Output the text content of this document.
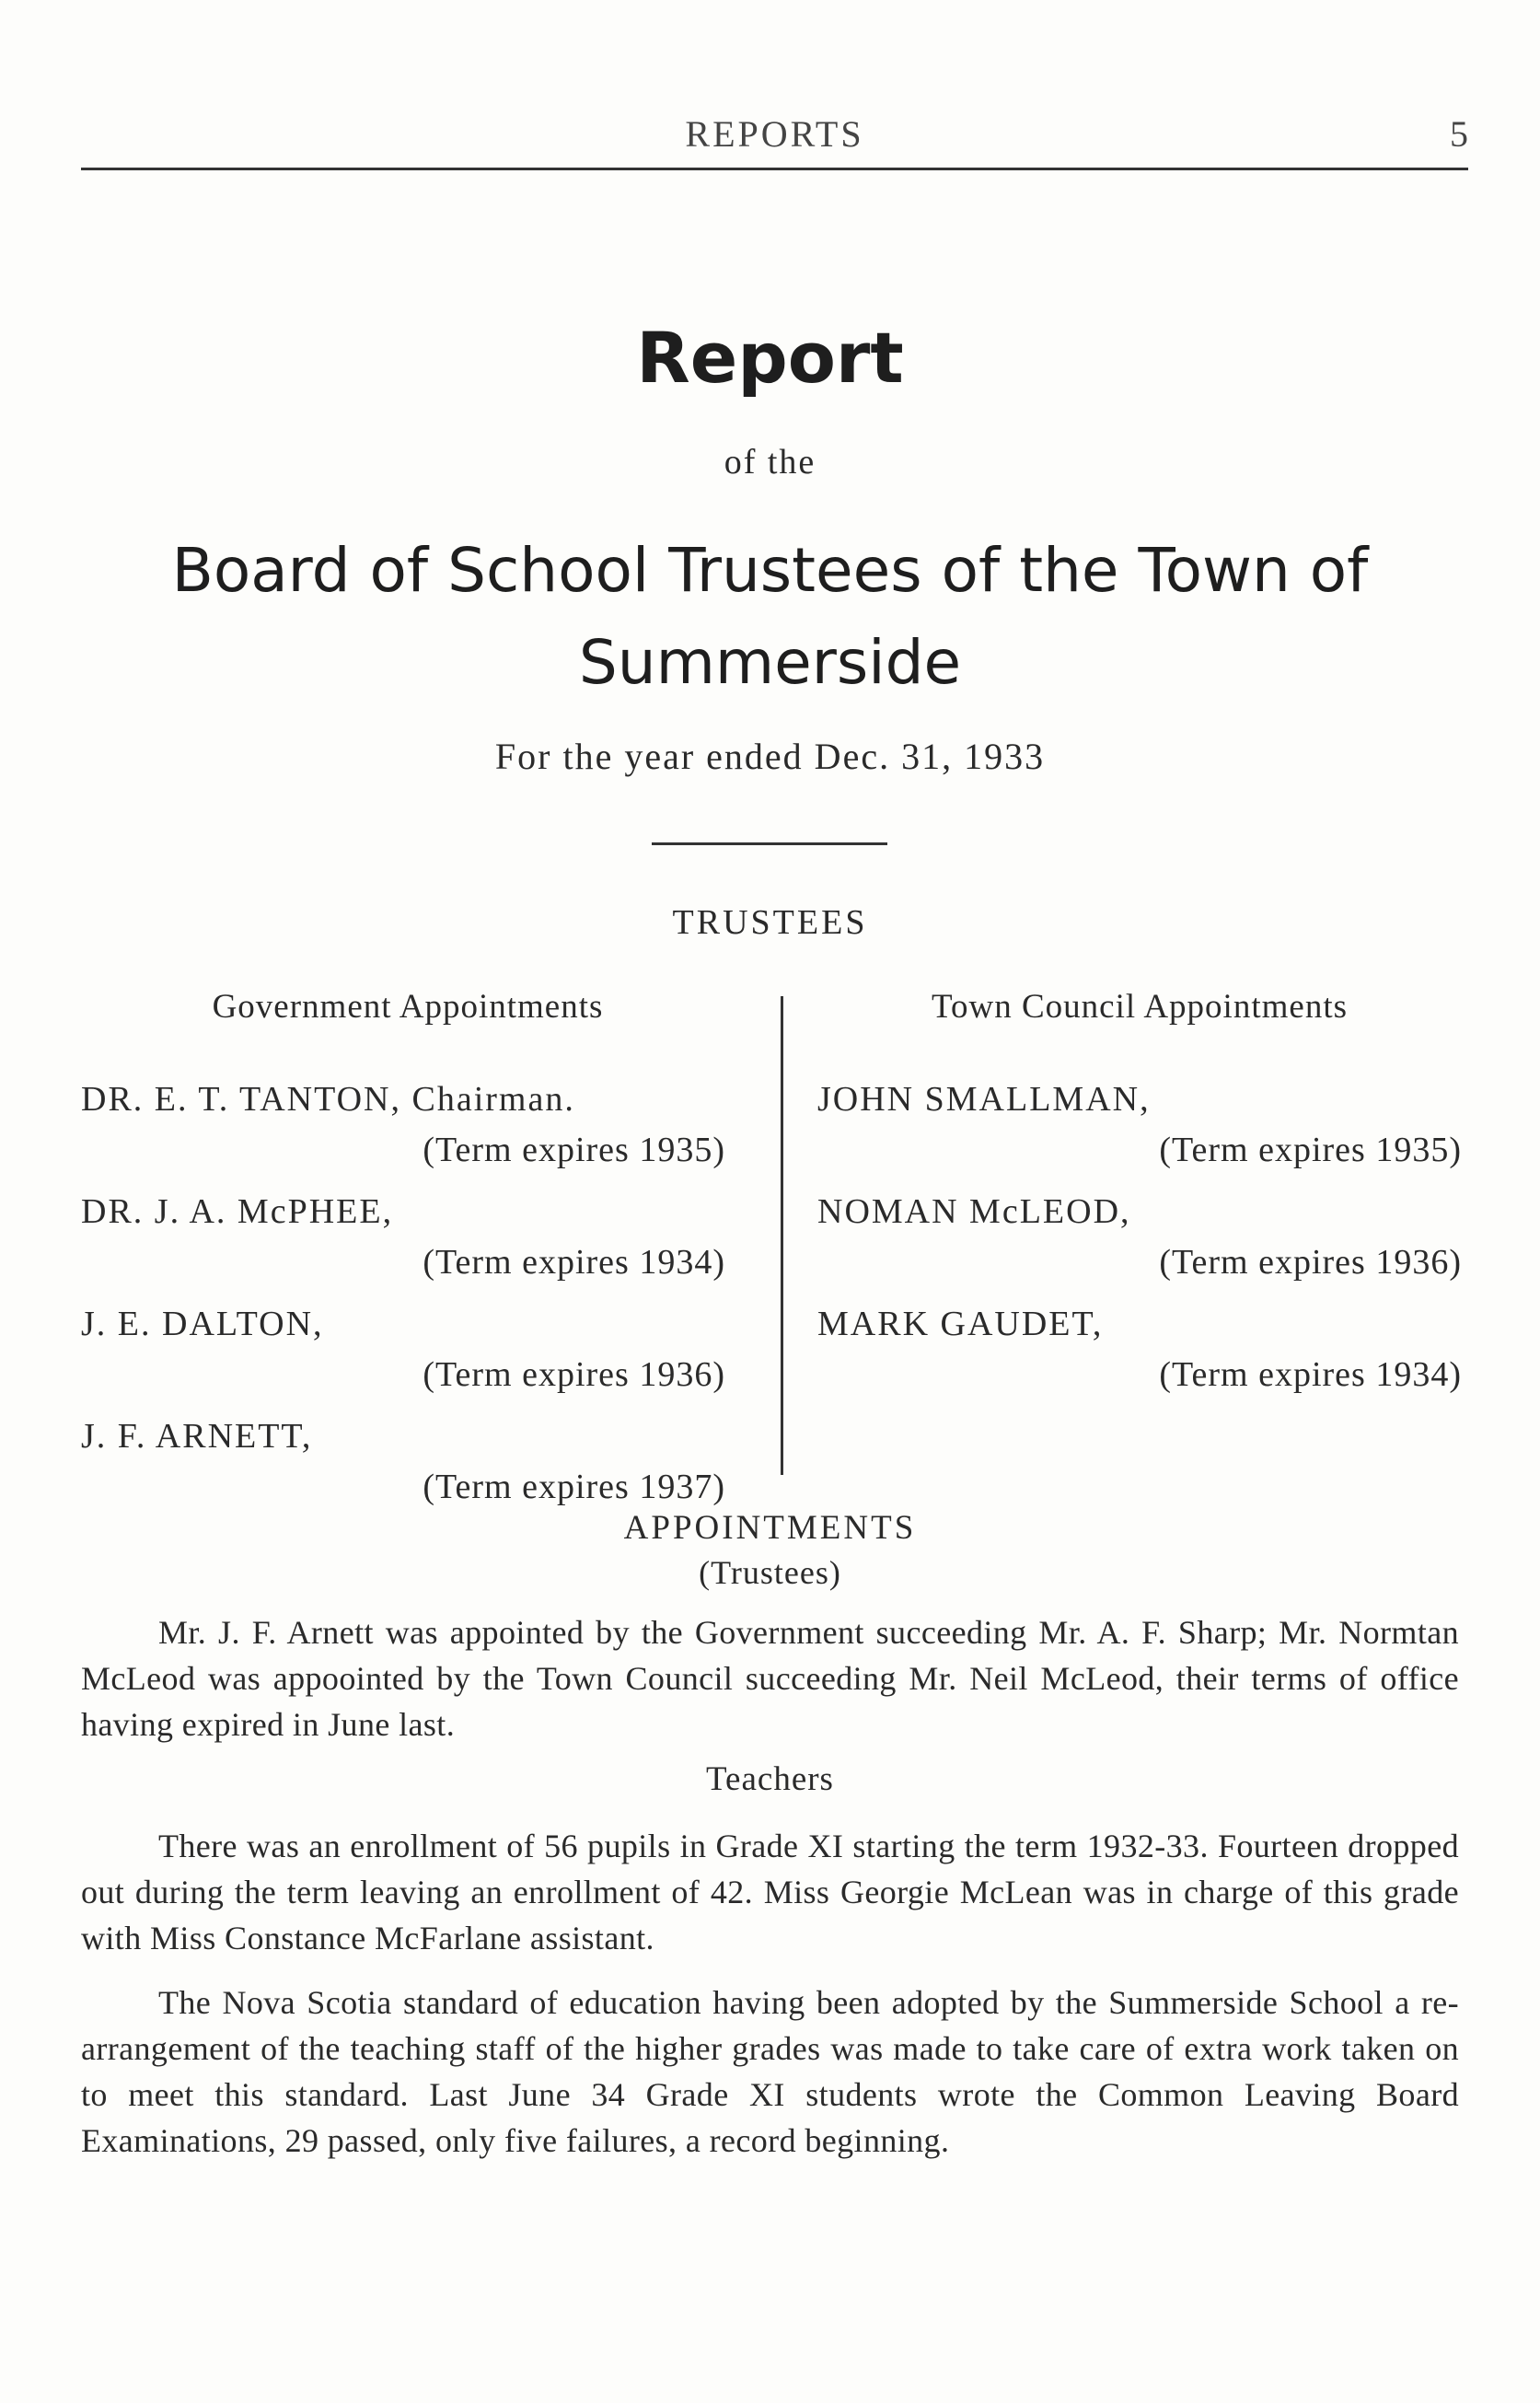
REPORTS	5
Report
of the
Board of School Trustees of the Town of Summerside
For the year ended Dec. 31, 1933
TRUSTEES
Government Appointments
DR. E. T. TANTON, Chairman.
(Term expires 1935)
DR. J. A. McPHEE,
(Term expires 1934)
J. E. DALTON,
(Term expires 1936)
J. F. ARNETT,
(Term expires 1937)
Town Council Appointments
JOHN SMALLMAN,
(Term expires 1935)
NOMAN McLEOD,
(Term expires 1936)
MARK GAUDET,
(Term expires 1934)
APPOINTMENTS
(Trustees)

Mr. J. F. Arnett was appointed by the Government succeeding Mr. A. F. Sharp; Mr. Normtan McLeod was appoointed by the Town Council succeeding Mr. Neil McLeod, their terms of office having expired in June last.

Teachers

There was an enrollment of 56 pupils in Grade XI starting the term 1932-33. Fourteen dropped out during the term leaving an enrollment of 42. Miss Georgie McLean was in charge of this grade with Miss Constance McFarlane assistant.

The Nova Scotia standard of education having been adopted by the Summerside School a re-arrangement of the teaching staff of the higher grades was made to take care of extra work taken on to meet this standard. Last June 34 Grade XI students wrote the Common Leaving Board Examinations, 29 passed, only five failures, a record beginning.
